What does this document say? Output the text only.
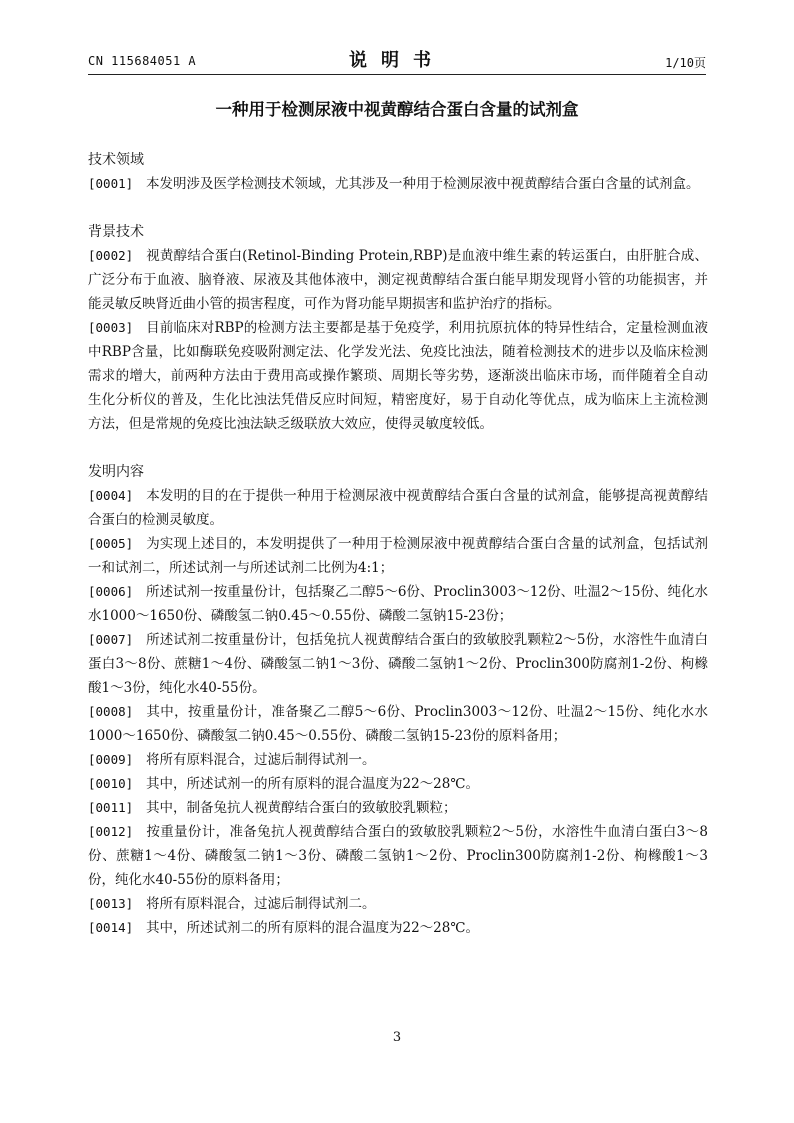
CN 115684051 A	说明书	1/10页
一种用于检测尿液中视黄醇结合蛋白含量的试剂盒

技术领域

[0001] 本发明涉及医学检测技术领域，尤其涉及一种用于检测尿液中视黄醇结合蛋白含量的试剂盒。

背景技术

[0002] 视黄醇结合蛋白(Retinol-Binding Protein,RBP)是血液中维生素的转运蛋白，由肝脏合成、广泛分布于血液、脑脊液、尿液及其他体液中，测定视黄醇结合蛋白能早期发现肾小管的功能损害，并能灵敏反映肾近曲小管的损害程度，可作为肾功能早期损害和监护治疗的指标。

[0003] 目前临床对RBP的检测方法主要都是基于免疫学，利用抗原抗体的特异性结合，定量检测血液中RBP含量，比如酶联免疫吸附测定法、化学发光法、免疫比浊法，随着检测技术的进步以及临床检测需求的增大，前两种方法由于费用高或操作繁琐、周期长等劣势，逐渐淡出临床市场，而伴随着全自动生化分析仪的普及，生化比浊法凭借反应时间短，精密度好，易于自动化等优点，成为临床上主流检测方法，但是常规的免疫比浊法缺乏级联放大效应，使得灵敏度较低。

发明内容

[0004] 本发明的目的在于提供一种用于检测尿液中视黄醇结合蛋白含量的试剂盒，能够提高视黄醇结合蛋白的检测灵敏度。

[0005] 为实现上述目的，本发明提供了一种用于检测尿液中视黄醇结合蛋白含量的试剂盒，包括试剂一和试剂二，所述试剂一与所述试剂二比例为4:1；

[0006] 所述试剂一按重量份计，包括聚乙二醇5～6份、Proclin3003～12份、吐温2～15份、纯化水水1000～1650份、磷酸氢二钠0.45～0.55份、磷酸二氢钠15-23份；

[0007] 所述试剂二按重量份计，包括兔抗人视黄醇结合蛋白的致敏胶乳颗粒2～5份，水溶性牛血清白蛋白3～8份、蔗糖1～4份、磷酸氢二钠1～3份、磷酸二氢钠1～2份、Proclin300防腐剂1-2份、枸橼酸1～3份，纯化水40-55份。

[0008] 其中，按重量份计，准备聚乙二醇5～6份、Proclin3003～12份、吐温2～15份、纯化水水1000～1650份、磷酸氢二钠0.45～0.55份、磷酸二氢钠15-23份的原料备用；

[0009] 将所有原料混合，过滤后制得试剂一。

[0010] 其中，所述试剂一的所有原料的混合温度为22～28℃。

[0011] 其中，制备兔抗人视黄醇结合蛋白的致敏胶乳颗粒；

[0012] 按重量份计，准备兔抗人视黄醇结合蛋白的致敏胶乳颗粒2～5份，水溶性牛血清白蛋白3～8份、蔗糖1～4份、磷酸氢二钠1～3份、磷酸二氢钠1～2份、Proclin300防腐剂1-2份、枸橼酸1～3份，纯化水40-55份的原料备用；

[0013] 将所有原料混合，过滤后制得试剂二。

[0014] 其中，所述试剂二的所有原料的混合温度为22～28℃。

3
